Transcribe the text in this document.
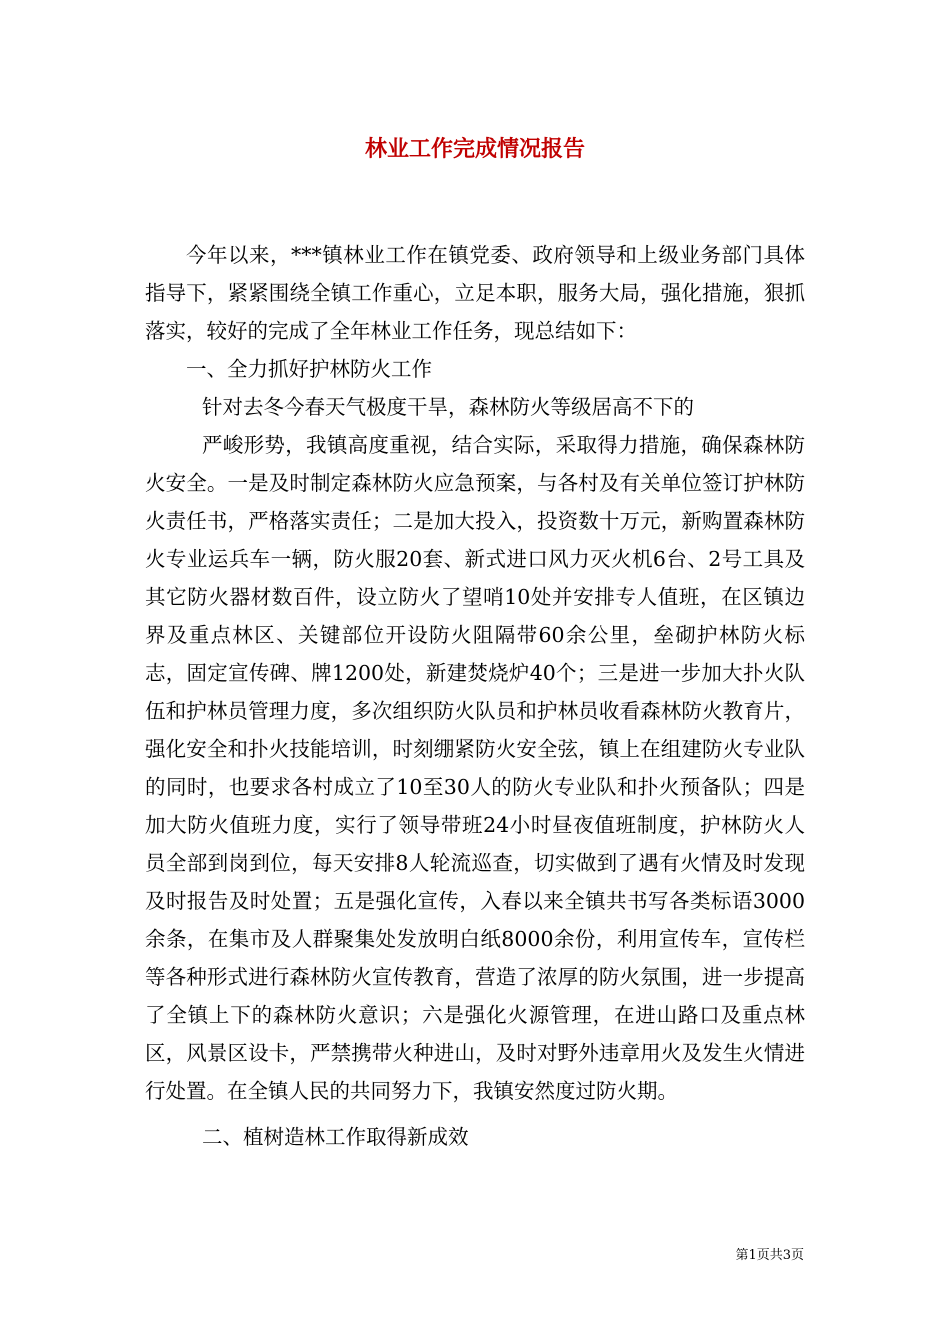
林业工作完成情况报告

今年以来，***镇林业工作在镇党委、政府领导和上级业务部门具体指导下，紧紧围绕全镇工作重心，立足本职，服务大局，强化措施，狠抓落实，较好的完成了全年林业工作任务，现总结如下：

一、全力抓好护林防火工作

针对去冬今春天气极度干旱，森林防火等级居高不下的

严峻形势，我镇高度重视，结合实际，采取得力措施，确保森林防火安全。一是及时制定森林防火应急预案，与各村及有关单位签订护林防火责任书，严格落实责任；二是加大投入，投资数十万元，新购置森林防火专业运兵车一辆，防火服20套、新式进口风力灭火机6台、2号工具及其它防火器材数百件，设立防火了望哨10处并安排专人值班，在区镇边界及重点林区、关键部位开设防火阻隔带60余公里，垒砌护林防火标志，固定宣传碑、牌1200处，新建焚烧炉40个；三是进一步加大扑火队伍和护林员管理力度，多次组织防火队员和护林员收看森林防火教育片，强化安全和扑火技能培训，时刻绷紧防火安全弦，镇上在组建防火专业队的同时，也要求各村成立了10至30人的防火专业队和扑火预备队；四是加大防火值班力度，实行了领导带班24小时昼夜值班制度，护林防火人员全部到岗到位，每天安排8人轮流巡查，切实做到了遇有火情及时发现及时报告及时处置；五是强化宣传，入春以来全镇共书写各类标语3000余条，在集市及人群聚集处发放明白纸8000余份，利用宣传车，宣传栏等各种形式进行森林防火宣传教育，营造了浓厚的防火氛围，进一步提高了全镇上下的森林防火意识；六是强化火源管理，在进山路口及重点林区，风景区设卡，严禁携带火种进山，及时对野外违章用火及发生火情进行处置。在全镇人民的共同努力下，我镇安然度过防火期。

二、植树造林工作取得新成效

第1页共3页
